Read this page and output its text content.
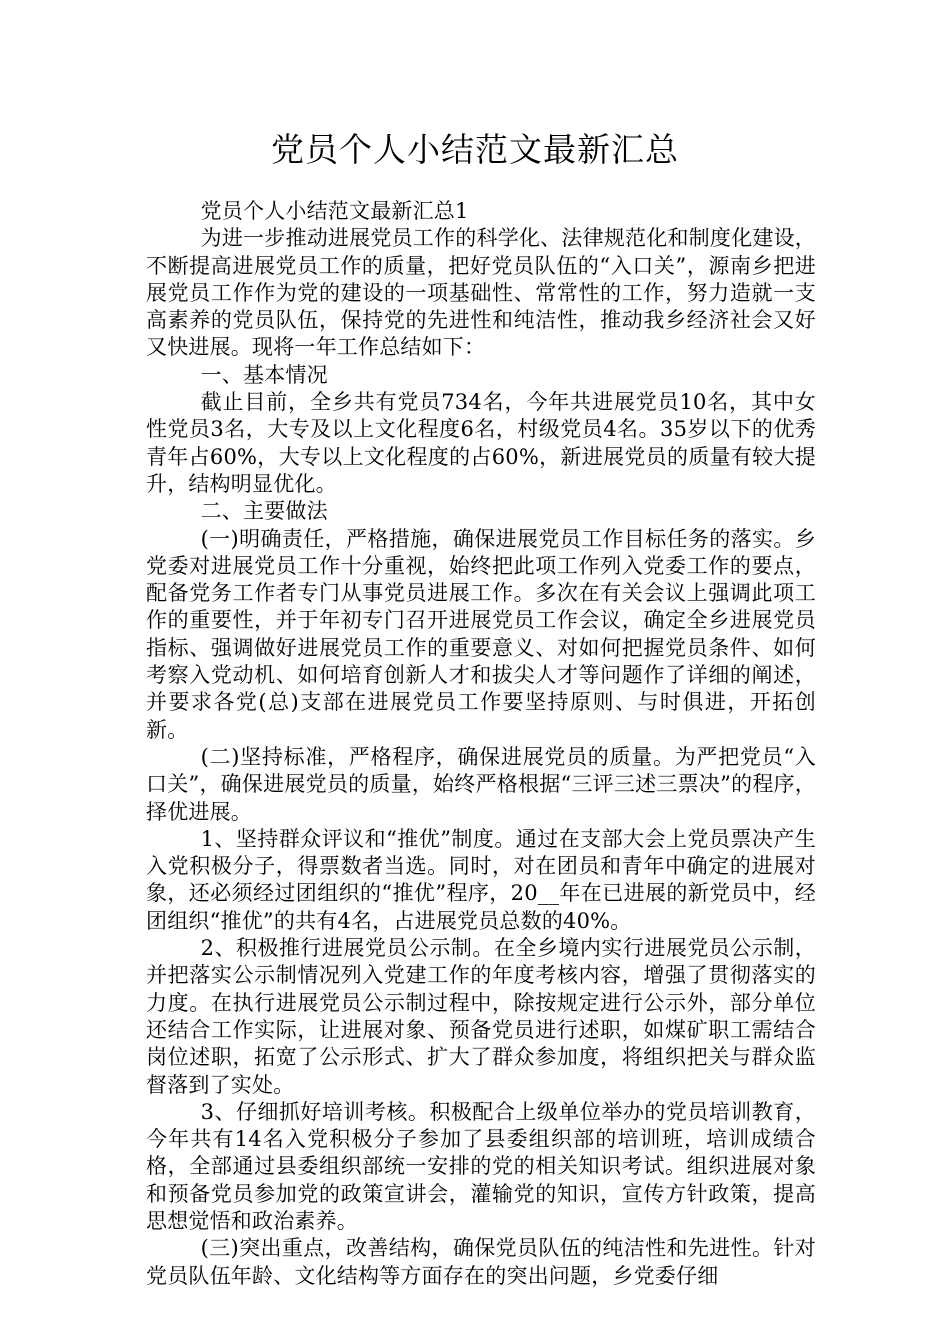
党员个人小结范文最新汇总

党员个人小结范文最新汇总1

为进一步推动进展党员工作的科学化、法律规范化和制度化建设，不断提高进展党员工作的质量，把好党员队伍的“入口关”，源南乡把进展党员工作作为党的建设的一项基础性、常常性的工作，努力造就一支高素养的党员队伍，保持党的先进性和纯洁性，推动我乡经济社会又好又快进展。现将一年工作总结如下：

一、基本情况

截止目前，全乡共有党员734名，今年共进展党员10名，其中女性党员3名，大专及以上文化程度6名，村级党员4名。35岁以下的优秀青年占60%，大专以上文化程度的占60%，新进展党员的质量有较大提升，结构明显优化。

二、主要做法

(一)明确责任，严格措施，确保进展党员工作目标任务的落实。乡党委对进展党员工作十分重视，始终把此项工作列入党委工作的要点，配备党务工作者专门从事党员进展工作。多次在有关会议上强调此项工作的重要性，并于年初专门召开进展党员工作会议，确定全乡进展党员指标、强调做好进展党员工作的重要意义、对如何把握党员条件、如何考察入党动机、如何培育创新人才和拔尖人才等问题作了详细的阐述，并要求各党(总)支部在进展党员工作要坚持原则、与时俱进，开拓创新。

(二)坚持标准，严格程序，确保进展党员的质量。为严把党员“入口关”，确保进展党员的质量，始终严格根据“三评三述三票决”的程序，择优进展。

1、坚持群众评议和“推优”制度。通过在支部大会上党员票决产生入党积极分子，得票数者当选。同时，对在团员和青年中确定的进展对象，还必须经过团组织的“推优”程序，20__年在已进展的新党员中，经团组织“推优”的共有4名，占进展党员总数的40%。

2、积极推行进展党员公示制。在全乡境内实行进展党员公示制，并把落实公示制情况列入党建工作的年度考核内容，增强了贯彻落实的力度。在执行进展党员公示制过程中，除按规定进行公示外，部分单位还结合工作实际，让进展对象、预备党员进行述职，如煤矿职工需结合岗位述职，拓宽了公示形式、扩大了群众参加度，将组织把关与群众监督落到了实处。

3、仔细抓好培训考核。积极配合上级单位举办的党员培训教育，今年共有14名入党积极分子参加了县委组织部的培训班，培训成绩合格，全部通过县委组织部统一安排的党的相关知识考试。组织进展对象和预备党员参加党的政策宣讲会，灌输党的知识，宣传方针政策，提高思想觉悟和政治素养。

(三)突出重点，改善结构，确保党员队伍的纯洁性和先进性。针对党员队伍年龄、文化结构等方面存在的突出问题，乡党委仔细
